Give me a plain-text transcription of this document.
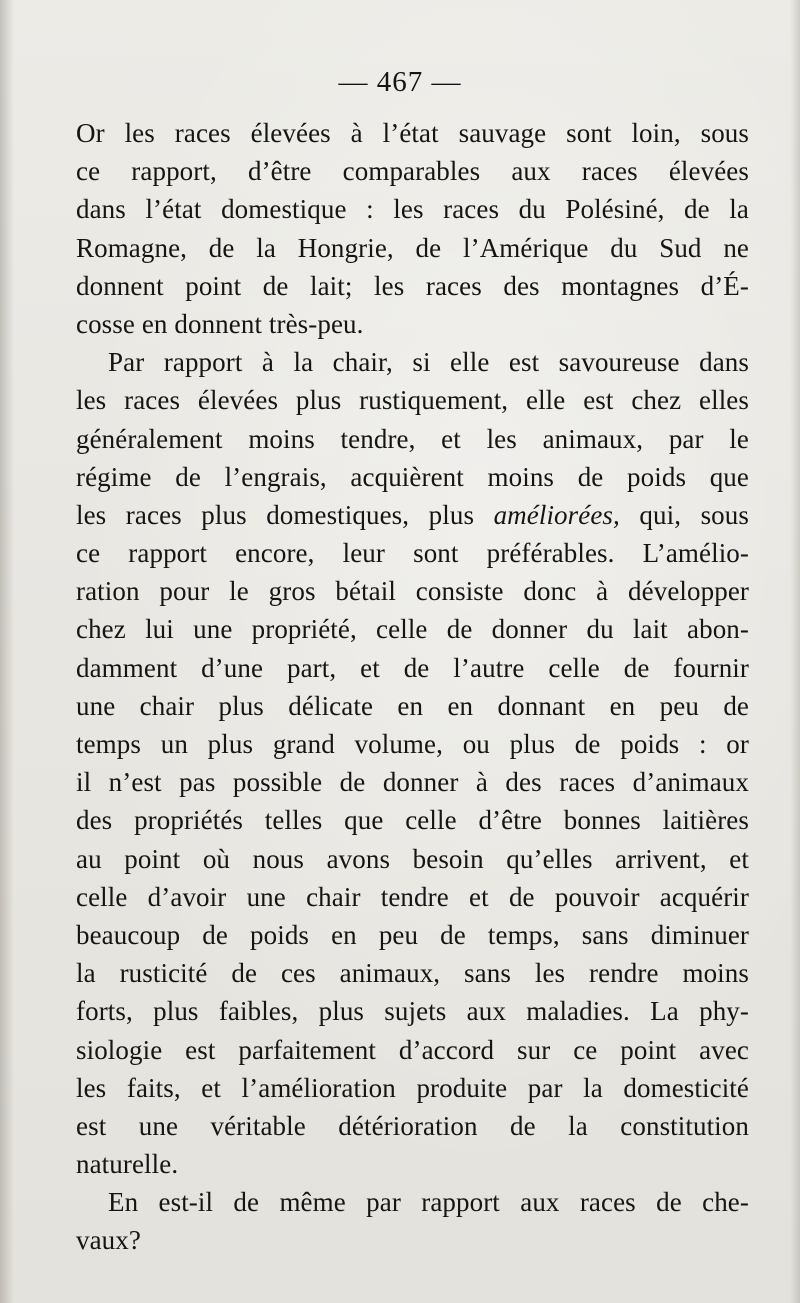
— 467 —
Or les races élevées à l’état sauvage sont loin, sous
ce rapport, d’être comparables aux races élevées
dans l’état domestique : les races du Polésiné, de la
Romagne, de la Hongrie, de l’Amérique du Sud ne
donnent point de lait; les races des montagnes d’É-
cosse en donnent très-peu.
Par rapport à la chair, si elle est savoureuse dans
les races élevées plus rustiquement, elle est chez elles
généralement moins tendre, et les animaux, par le
régime de l’engrais, acquièrent moins de poids que
les races plus domestiques, plus améliorées, qui, sous
ce rapport encore, leur sont préférables. L’amélio-
ration pour le gros bétail consiste donc à développer
chez lui une propriété, celle de donner du lait abon-
damment d’une part, et de l’autre celle de fournir
une chair plus délicate en en donnant en peu de
temps un plus grand volume, ou plus de poids : or
il n’est pas possible de donner à des races d’animaux
des propriétés telles que celle d’être bonnes laitières
au point où nous avons besoin qu’elles arrivent, et
celle d’avoir une chair tendre et de pouvoir acquérir
beaucoup de poids en peu de temps, sans diminuer
la rusticité de ces animaux, sans les rendre moins
forts, plus faibles, plus sujets aux maladies. La phy-
siologie est parfaitement d’accord sur ce point avec
les faits, et l’amélioration produite par la domesticité
est une véritable détérioration de la constitution
naturelle.
En est-il de même par rapport aux races de che-
vaux?
